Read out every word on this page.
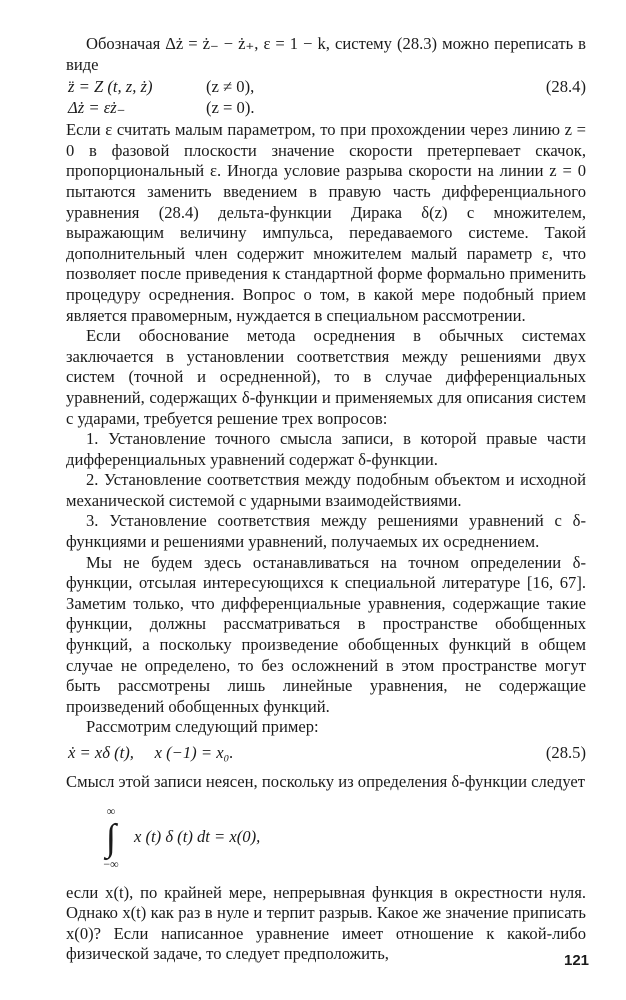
Обозначая Δż = ż₋ − ż₊, ε = 1 − k, систему (28.3) можно переписать в виде

z̈ = Z (t, z, ż)	(z ≠ 0),	(28.4)
Δż = εż₋	(z = 0).

Если ε считать малым параметром, то при прохождении через линию z = 0 в фазовой плоскости значение скорости претерпевает скачок, пропорциональный ε. Иногда условие разрыва скорости на линии z = 0 пытаются заменить введением в правую часть дифференциального уравнения (28.4) дельта-функции Дирака δ(z) с множителем, выражающим величину импульса, передаваемого системе. Такой дополнительный член содержит множителем малый параметр ε, что позволяет после приведения к стандартной форме формально применить процедуру осреднения. Вопрос о том, в какой мере подобный прием является правомерным, нуждается в специальном рассмотрении.

Если обоснование метода осреднения в обычных системах заключается в установлении соответствия между решениями двух систем (точной и осредненной), то в случае дифференциальных уравнений, содержащих δ-функции и применяемых для описания систем с ударами, требуется решение трех вопросов:

1. Установление точного смысла записи, в которой правые части дифференциальных уравнений содержат δ-функции.

2. Установление соответствия между подобным объектом и исходной механической системой с ударными взаимодействиями.

3. Установление соответствия между решениями уравнений с δ-функциями и решениями уравнений, получаемых их осреднением.

Мы не будем здесь останавливаться на точном определении δ-функции, отсылая интересующихся к специальной литературе [16, 67]. Заметим только, что дифференциальные уравнения, содержащие такие функции, должны рассматриваться в пространстве обобщенных функций, а поскольку произведение обобщенных функций в общем случае не определено, то без осложнений в этом пространстве могут быть рассмотрены лишь линейные уравнения, не содержащие произведений обобщенных функций.

Рассмотрим следующий пример:

ẋ = xδ (t),     x (−1) = x₀.	(28.5)

Смысл этой записи неясен, поскольку из определения δ-функции следует

∞
∫
−∞
x (t) δ (t) dt = x(0),

если x(t), по крайней мере, непрерывная функция в окрестности нуля. Однако x(t) как раз в нуле и терпит разрыв. Какое же значение приписать x(0)? Если написанное уравнение имеет отношение к какой-либо физической задаче, то следует предположить,	121
